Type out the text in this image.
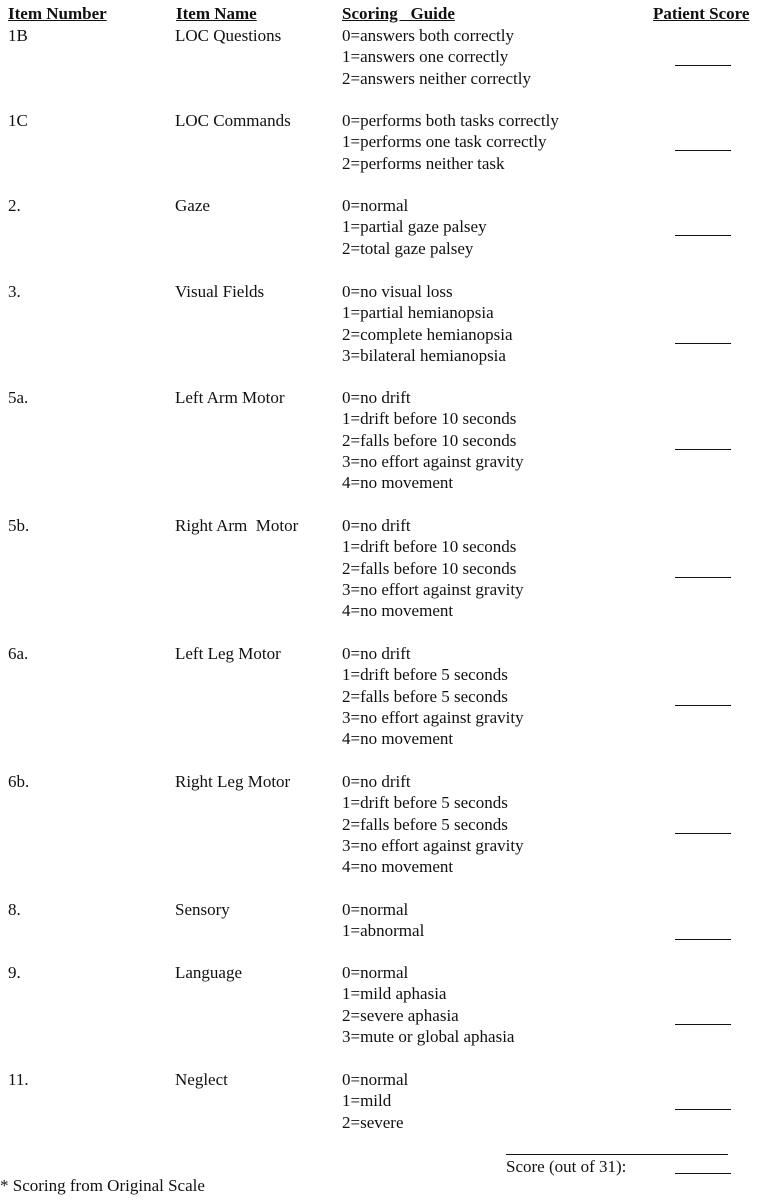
Item Number	Item Name	Scoring   Guide	Patient Score
1B	LOC Questions	0=answers both correctly
1=answers one correctly
2=answers neither correctly
1C	LOC Commands	0=performs both tasks correctly
1=performs one task correctly
2=performs neither task
2.	Gaze	0=normal
1=partial gaze palsey
2=total gaze palsey
3.	Visual Fields	0=no visual loss
1=partial hemianopsia
2=complete hemianopsia
3=bilateral hemianopsia
5a.	Left Arm Motor	0=no drift
1=drift before 10 seconds
2=falls before 10 seconds
3=no effort against gravity
4=no movement
5b.	Right Arm  Motor	0=no drift
1=drift before 10 seconds
2=falls before 10 seconds
3=no effort against gravity
4=no movement
6a.	Left Leg Motor	0=no drift
1=drift before 5 seconds
2=falls before 5 seconds
3=no effort against gravity
4=no movement
6b.	Right Leg Motor	0=no drift
1=drift before 5 seconds
2=falls before 5 seconds
3=no effort against gravity
4=no movement
8.	Sensory	0=normal
1=abnormal
9.	Language	0=normal
1=mild aphasia
2=severe aphasia
3=mute or global aphasia
11.	Neglect	0=normal
1=mild
2=severe
Score (out of 31):
* Scoring from Original Scale
